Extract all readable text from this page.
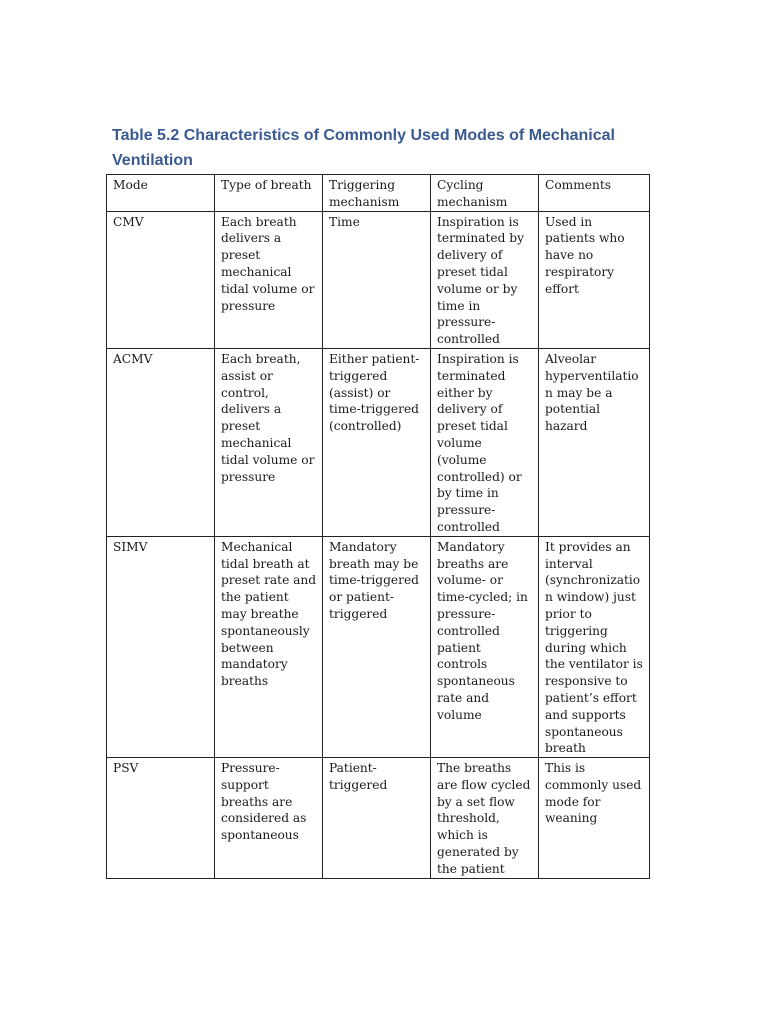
Table 5.2 Characteristics of Commonly Used Modes of Mechanical
Ventilation
Mode	Type of breath	Triggering mechanism	Cycling mechanism	Comments
CMV	Each breath delivers a preset mechanical tidal volume or pressure	Time	Inspiration is terminated by delivery of preset tidal volume or by time in pressure-controlled	Used in patients who have no respiratory effort
ACMV	Each breath, assist or control, delivers a preset mechanical tidal volume or pressure	Either patient-triggered (assist) or time-triggered (controlled)	Inspiration is terminated either by delivery of preset tidal volume (volume controlled) or by time in pressure-controlled	Alveolar hyperventilation may be a potential hazard
SIMV	Mechanical tidal breath at preset rate and the patient may breathe spontaneously between mandatory breaths	Mandatory breath may be time-triggered or patient-triggered	Mandatory breaths are volume- or time-cycled; in pressure-controlled patient controls spontaneous rate and volume	It provides an interval (synchronization window) just prior to triggering during which the ventilator is responsive to patient’s effort and supports spontaneous breath
PSV	Pressure-support breaths are considered as spontaneous	Patient-triggered	The breaths are flow cycled by a set flow threshold, which is generated by the patient	This is commonly used mode for weaning
